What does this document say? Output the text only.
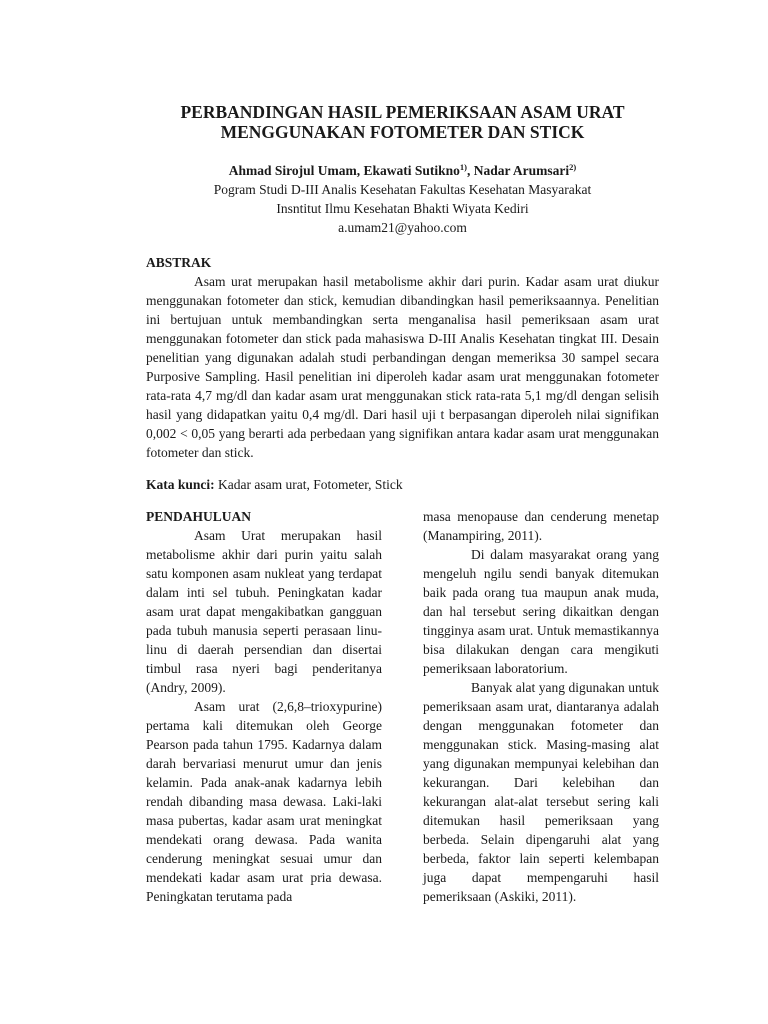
PERBANDINGAN HASIL PEMERIKSAAN ASAM URAT
MENGGUNAKAN FOTOMETER DAN STICK
Ahmad Sirojul Umam, Ekawati Sutikno$^{1)}$, Nadar Arumsari$^{2)}$
Pogram Studi D-III Analis Kesehatan Fakultas Kesehatan Masyarakat
Insntitut Ilmu Kesehatan Bhakti Wiyata Kediri
a.umam21@yahoo.com
ABSTRAK

Asam urat merupakan hasil metabolisme akhir dari purin. Kadar asam urat diukur menggunakan fotometer dan stick, kemudian dibandingkan hasil pemeriksaannya. Penelitian ini bertujuan untuk membandingkan serta menganalisa hasil pemeriksaan asam urat menggunakan fotometer dan stick pada mahasiswa D-III Analis Kesehatan tingkat III. Desain penelitian yang digunakan adalah studi perbandingan dengan memeriksa 30 sampel secara Purposive Sampling. Hasil penelitian ini diperoleh kadar asam urat menggunakan fotometer rata-rata 4,7 mg/dl dan kadar asam urat menggunakan stick rata-rata 5,1 mg/dl dengan selisih hasil yang didapatkan yaitu 0,4 mg/dl. Dari hasil uji t berpasangan diperoleh nilai signifikan 0,002 < 0,05 yang berarti ada perbedaan yang signifikan antara kadar asam urat menggunakan fotometer dan stick.

Kata kunci: Kadar asam urat, Fotometer, Stick
PENDAHULUAN

Asam Urat merupakan hasil metabolisme akhir dari purin yaitu salah satu komponen asam nukleat yang terdapat dalam inti sel tubuh. Peningkatan kadar asam urat dapat mengakibatkan gangguan pada tubuh manusia seperti perasaan linu-linu di daerah persendian dan disertai timbul rasa nyeri bagi penderitanya (Andry, 2009).

Asam urat (2,6,8–trioxypurine) pertama kali ditemukan oleh George Pearson pada tahun 1795. Kadarnya dalam darah bervariasi menurut umur dan jenis kelamin. Pada anak-anak kadarnya lebih rendah dibanding masa dewasa. Laki-laki masa pubertas, kadar asam urat meningkat mendekati orang dewasa. Pada wanita cenderung meningkat sesuai umur dan mendekati kadar asam urat pria dewasa. Peningkatan terutama pada

masa menopause dan cenderung menetap (Manampiring, 2011).

Di dalam masyarakat orang yang mengeluh ngilu sendi banyak ditemukan baik pada orang tua maupun anak muda, dan hal tersebut sering dikaitkan dengan tingginya asam urat. Untuk memastikannya bisa dilakukan dengan cara mengikuti pemeriksaan laboratorium.

Banyak alat yang digunakan untuk pemeriksaan asam urat, diantaranya adalah dengan menggunakan fotometer dan menggunakan stick. Masing-masing alat yang digunakan mempunyai kelebihan dan kekurangan. Dari kelebihan dan kekurangan alat-alat tersebut sering kali ditemukan hasil pemeriksaan yang berbeda. Selain dipengaruhi alat yang berbeda, faktor lain seperti kelembapan juga dapat mempengaruhi hasil pemeriksaan (Askiki, 2011).
